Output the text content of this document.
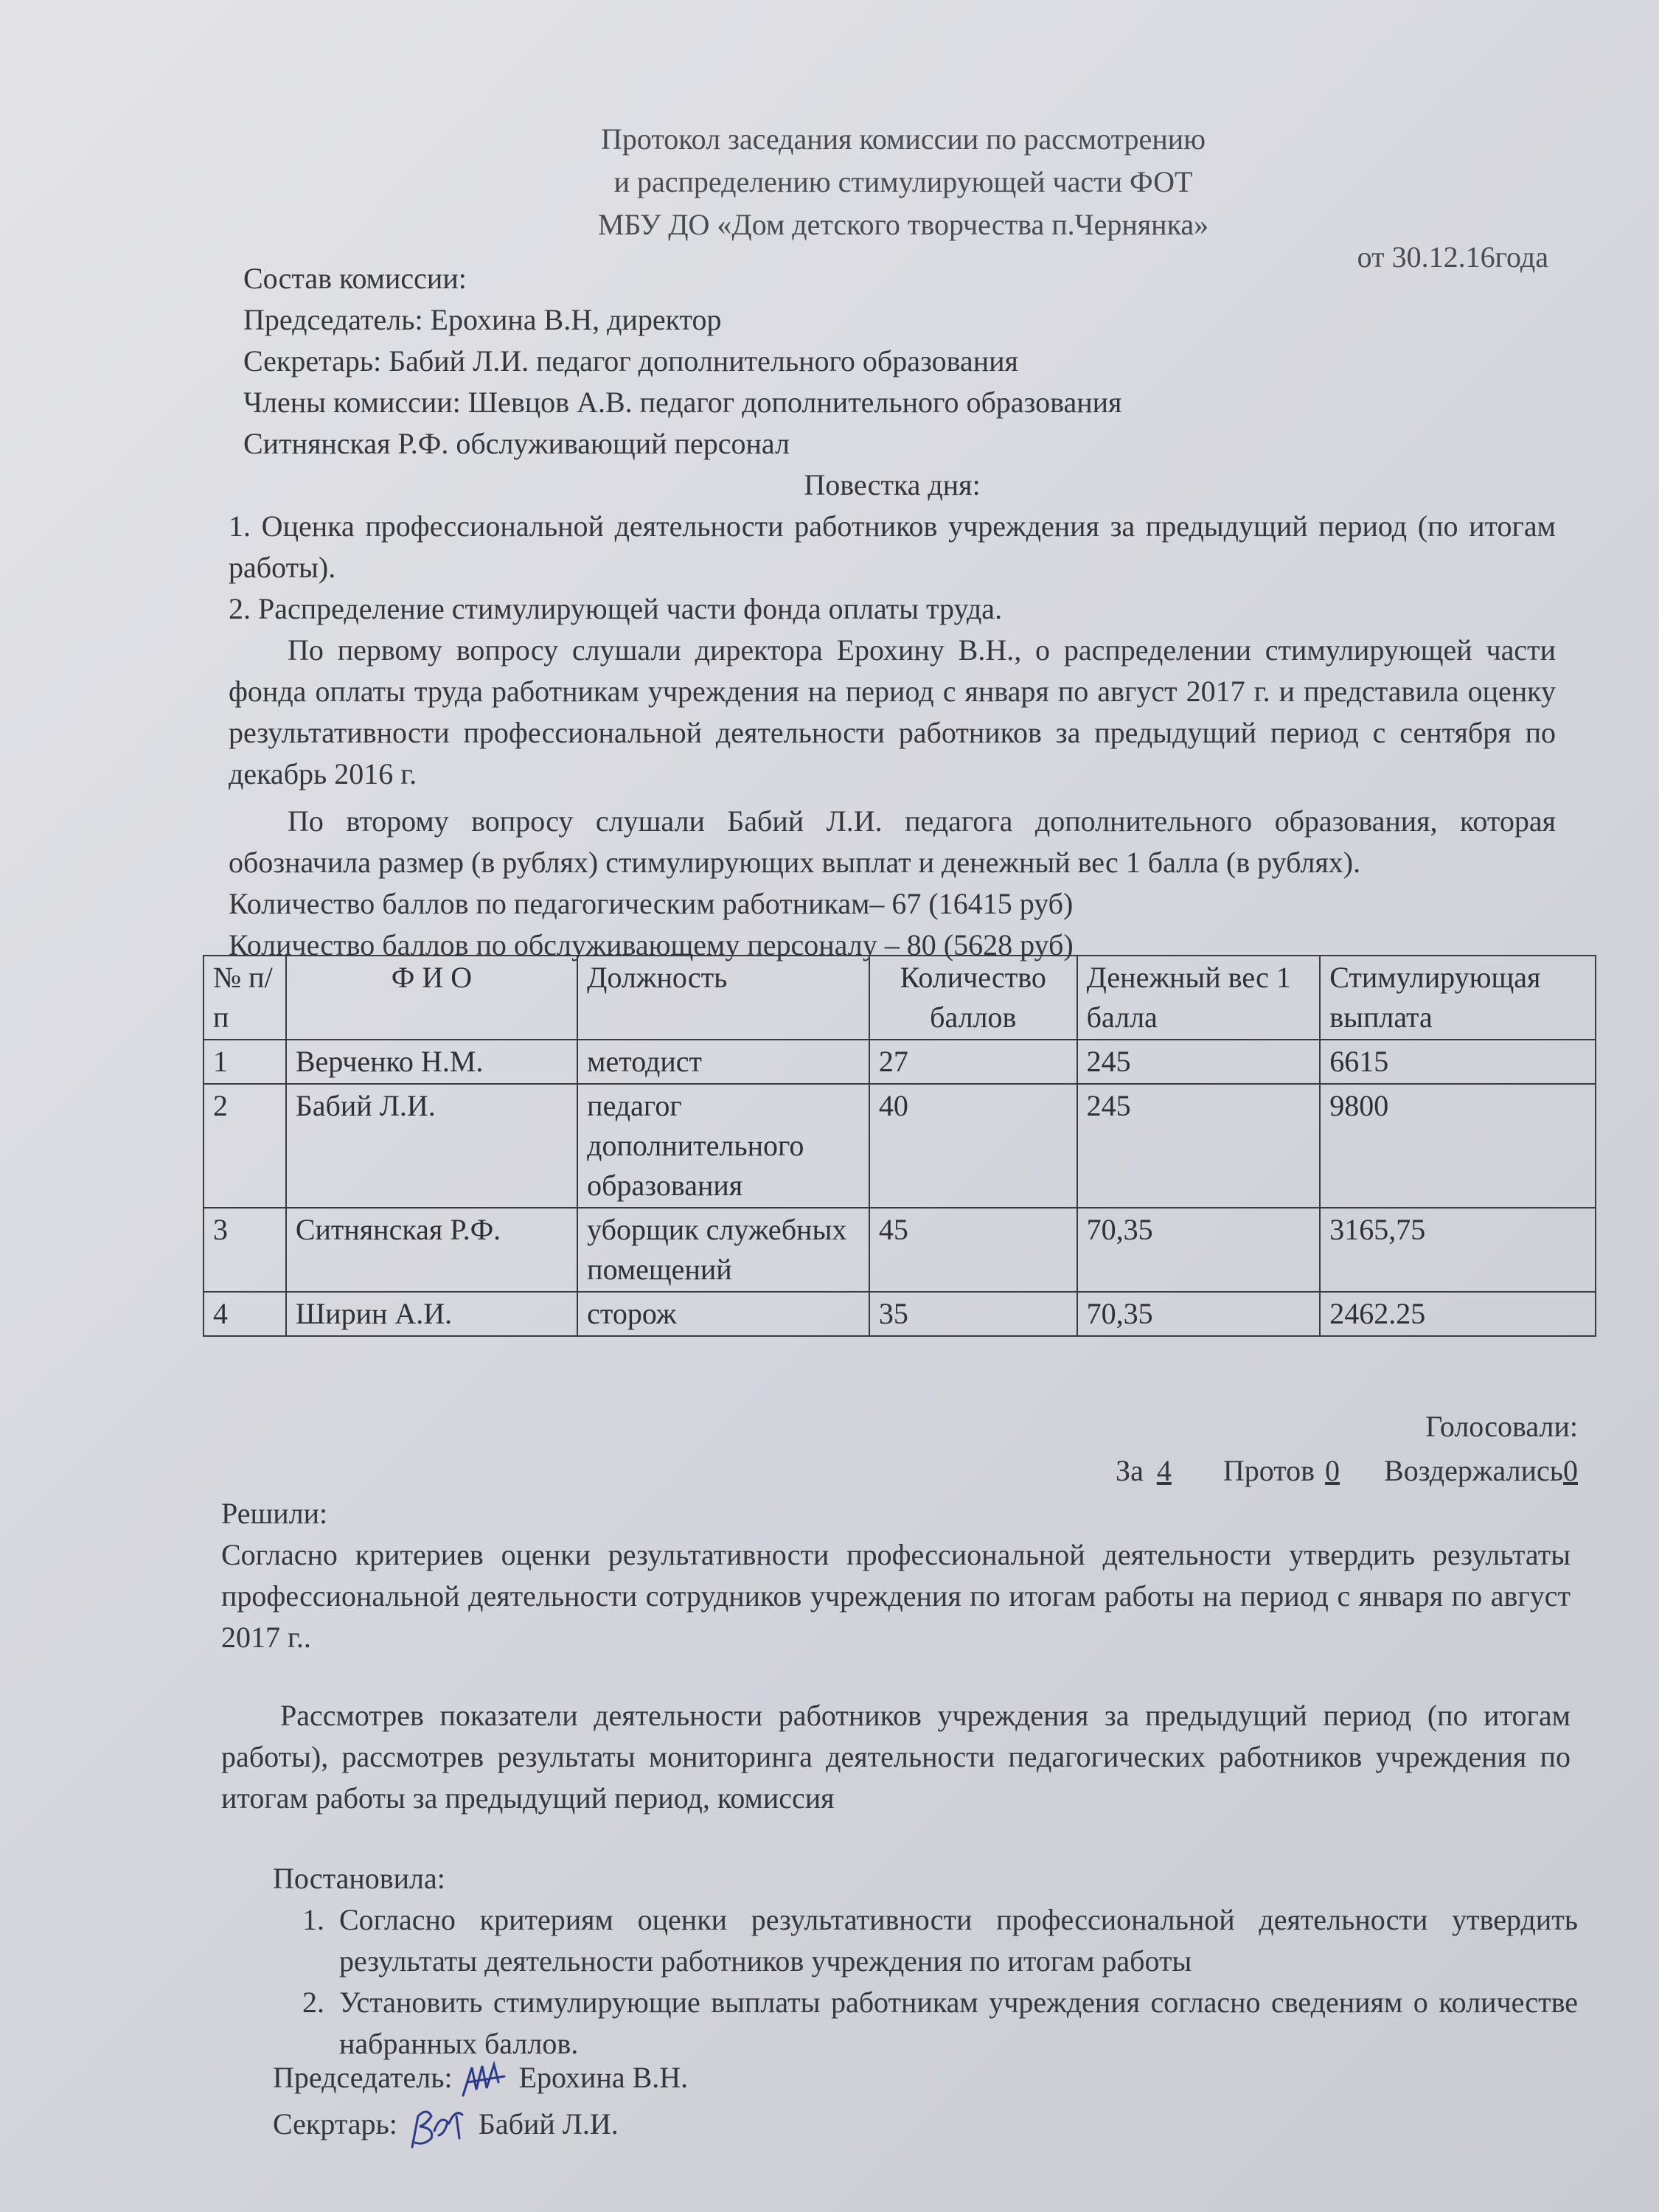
Протокол заседания комиссии по рассмотрению
и распределению стимулирующей части ФОТ
МБУ ДО «Дом детского творчества п.Чернянка»
от 30.12.16года
Состав комиссии:
Председатель: Ерохина В.Н, директор
Секретарь: Бабий Л.И. педагог дополнительного образования
Члены комиссии: Шевцов А.В. педагог дополнительного образования
Ситнянская Р.Ф. обслуживающий персонал
Повестка дня:
1. Оценка профессиональной деятельности работников учреждения за предыдущий период (по итогам работы).
2. Распределение стимулирующей части фонда оплаты труда.
По первому вопросу слушали директора Ерохину В.Н., о распределении стимулирующей части фонда оплаты труда работникам учреждения на период с января по август 2017 г. и представила оценку результативности профессиональной деятельности работников за предыдущий период с сентября по декабрь 2016 г.
По второму вопросу слушали Бабий Л.И. педагога дополнительного образования, которая обозначила размер (в рублях) стимулирующих выплат и денежный вес 1 балла (в рублях).
Количество баллов по педагогическим работникам– 67 (16415 руб)
Количество баллов по обслуживающему персоналу – 80 (5628 руб)
№ п/п	Ф И О	Должность	Количество баллов	Денежный вес 1 балла	Стимулирующая выплата
1	Верченко Н.М.	методист	27	245	6615
2	Бабий Л.И.	педагог дополнительного образования	40	245	9800
3	Ситнянская Р.Ф.	уборщик служебных помещений	45	70,35	3165,75
4	Ширин А.И.	сторож	35	70,35	2462.25
Голосовали:
За 4 Протов 0 Воздержались0
Решили:
Согласно критериев оценки результативности профессиональной деятельности утвердить результаты профессиональной деятельности сотрудников учреждения по итогам работы на период с января по август 2017 г..
Рассмотрев показатели деятельности работников учреждения за предыдущий период (по итогам работы), рассмотрев результаты мониторинга деятельности педагогических работников учреждения по итогам работы за предыдущий период, комиссия
Постановила:
1. Согласно критериям оценки результативности профессиональной деятельности утвердить результаты деятельности работников учреждения по итогам работы
2. Установить стимулирующие выплаты работникам учреждения согласно сведениям о количестве набранных баллов.
Председатель: Ерохина В.Н.
Секртарь:	Бабий Л.И.
